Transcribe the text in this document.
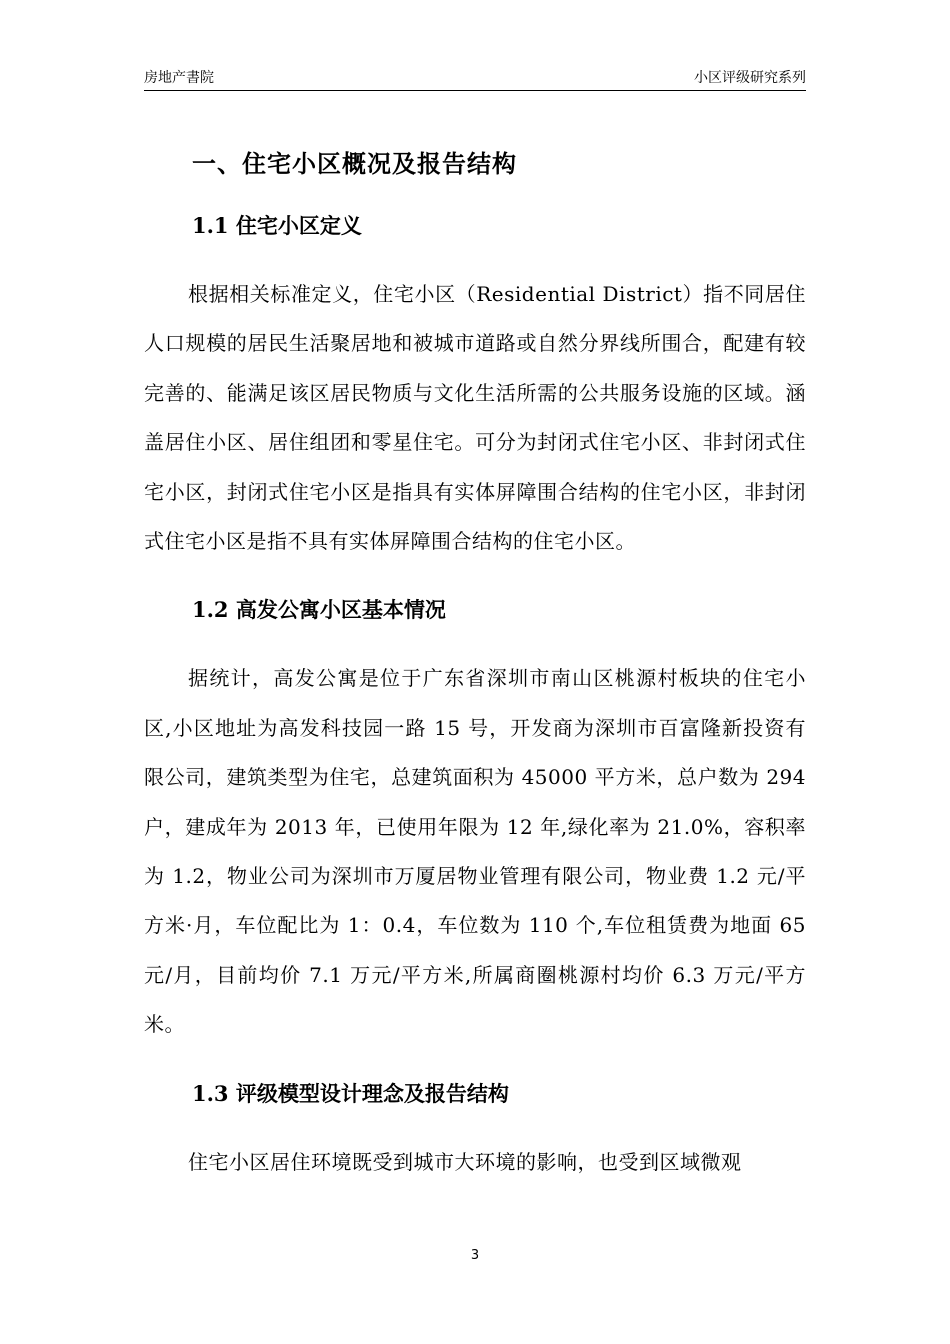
房地产書院	小区评级研究系列
一、住宅小区概况及报告结构
1.1 住宅小区定义

根据相关标准定义，住宅小区（Residential District）指不同居住人口规模的居民生活聚居地和被城市道路或自然分界线所围合，配建有较完善的、能满足该区居民物质与文化生活所需的公共服务设施的区域。涵盖居住小区、居住组团和零星住宅。可分为封闭式住宅小区、非封闭式住宅小区，封闭式住宅小区是指具有实体屏障围合结构的住宅小区，非封闭式住宅小区是指不具有实体屏障围合结构的住宅小区。

1.2 高发公寓小区基本情况

据统计，高发公寓是位于广东省深圳市南山区桃源村板块的住宅小区,小区地址为高发科技园一路 15 号，开发商为深圳市百富隆新投资有限公司，建筑类型为住宅，总建筑面积为 45000 平方米，总户数为 294 户，建成年为 2013 年，已使用年限为 12 年,绿化率为 21.0%，容积率为 1.2，物业公司为深圳市万厦居物业管理有限公司，物业费 1.2 元/平方米·月，车位配比为 1：0.4，车位数为 110 个,车位租赁费为地面 65 元/月，目前均价 7.1 万元/平方米,所属商圈桃源村均价 6.3 万元/平方米。

1.3 评级模型设计理念及报告结构

住宅小区居住环境既受到城市大环境的影响，也受到区域微观

3
